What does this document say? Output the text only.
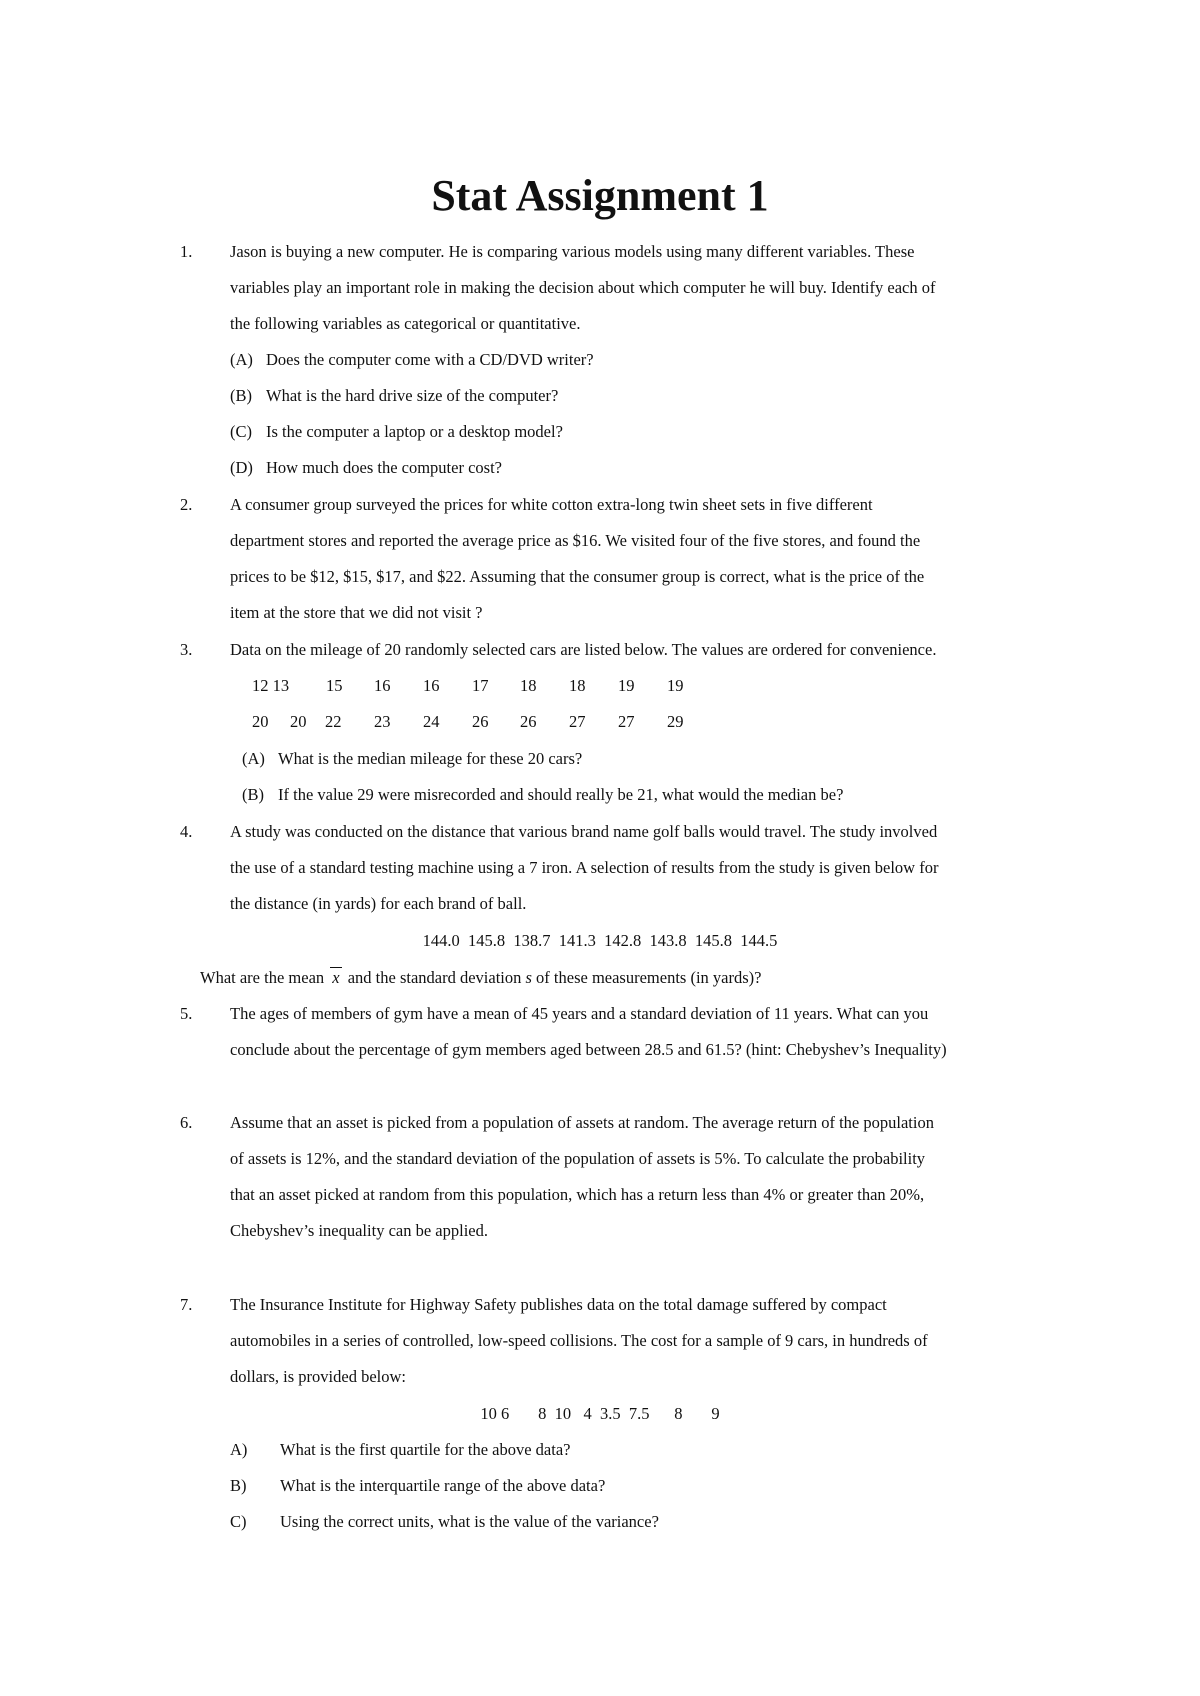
Stat Assignment 1
1. Jason is buying a new computer. He is comparing various models using many different variables. These
variables play an important role in making the decision about which computer he will buy. Identify each of
the following variables as categorical or quantitative.
(A) Does the computer come with a CD/DVD writer?
(B) What is the hard drive size of the computer?
(C) Is the computer a laptop or a desktop model?
(D) How much does the computer cost?
2. A consumer group surveyed the prices for white cotton extra-long twin sheet sets in five different
department stores and reported the average price as $16. We visited four of the five stores, and found the
prices to be $12, $15, $17, and $22. Assuming that the consumer group is correct, what is the price of the
item at the store that we did not visit ?
3. Data on the mileage of 20 randomly selected cars are listed below. The values are ordered for convenience.
12 13 15 16 16 17 18 18 19 19
20 20 22 23 24 26 26 27 27 29
(A) What is the median mileage for these 20 cars?
(B) If the value 29 were misrecorded and should really be 21, what would the median be?
4. A study was conducted on the distance that various brand name golf balls would travel. The study involved
the use of a standard testing machine using a 7 iron. A selection of results from the study is given below for
the distance (in yards) for each brand of ball.
144.0  145.8  138.7  141.3  142.8  143.8  145.8  144.5
What are the mean x and the standard deviation s of these measurements (in yards)?
5. The ages of members of gym have a mean of 45 years and a standard deviation of 11 years. What can you
conclude about the percentage of gym members aged between 28.5 and 61.5? (hint: Chebyshev’s Inequality)
6. Assume that an asset is picked from a population of assets at random. The average return of the population
of assets is 12%, and the standard deviation of the population of assets is 5%. To calculate the probability
that an asset picked at random from this population, which has a return less than 4% or greater than 20%,
Chebyshev’s inequality can be applied.
7. The Insurance Institute for Highway Safety publishes data on the total damage suffered by compact
automobiles in a series of controlled, low-speed collisions. The cost for a sample of 9 cars, in hundreds of
dollars, is provided below:
10 6       8  10   4  3.5  7.5      8       9
A) What is the first quartile for the above data?
B) What is the interquartile range of the above data?
C) Using the correct units, what is the value of the variance?
